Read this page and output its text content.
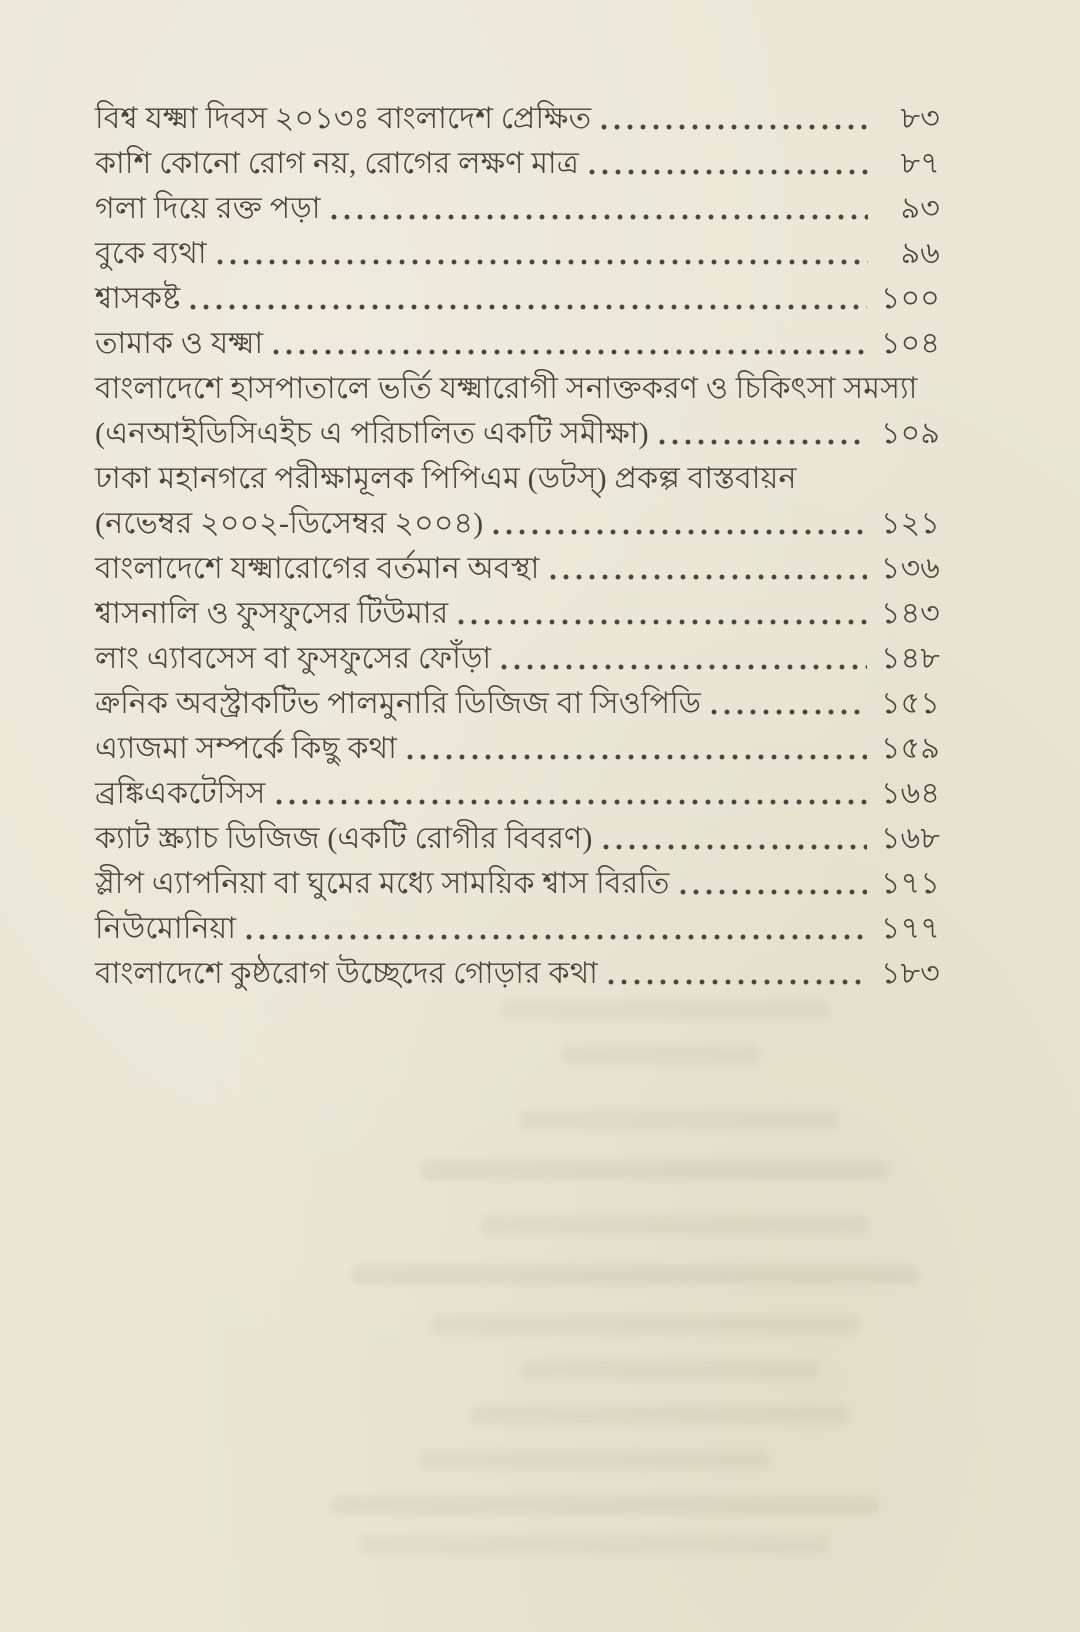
বিশ্ব যক্ষ্মা দিবস ২০১৩ঃ বাংলাদেশ প্রেক্ষিত	৮৩
কাশি কোনো রোগ নয়, রোগের লক্ষণ মাত্র	৮৭
গলা দিয়ে রক্ত পড়া	৯৩
বুকে ব্যথা	৯৬
শ্বাসকষ্ট	১০০
তামাক ও যক্ষ্মা	১০৪
বাংলাদেশে হাসপাতালে ভর্তি যক্ষ্মারোগী সনাক্তকরণ ও চিকিৎসা সমস্যা
(এনআইডিসিএইচ এ পরিচালিত একটি সমীক্ষা)	১০৯
ঢাকা মহানগরে পরীক্ষামূলক পিপিএম (ডটস্) প্রকল্প বাস্তবায়ন
(নভেম্বর ২০০২-ডিসেম্বর ২০০৪)	১২১
বাংলাদেশে যক্ষ্মারোগের বর্তমান অবস্থা	১৩৬
শ্বাসনালি ও ফুসফুসের টিউমার	১৪৩
লাং এ্যাবসেস বা ফুসফুসের ফোঁড়া	১৪৮
ক্রনিক অবস্ট্রাকটিভ পালমুনারি ডিজিজ বা সিওপিডি	১৫১
এ্যাজমা সম্পর্কে কিছু কথা	১৫৯
ব্রঙ্কিএকটেসিস	১৬৪
ক্যাট স্ক্র্যাচ ডিজিজ (একটি রোগীর বিবরণ)	১৬৮
স্লীপ এ্যাপনিয়া বা ঘুমের মধ্যে সাময়িক শ্বাস বিরতি	১৭১
নিউমোনিয়া	১৭৭
বাংলাদেশে কুষ্ঠরোগ উচ্ছেদের গোড়ার কথা	১৮৩
